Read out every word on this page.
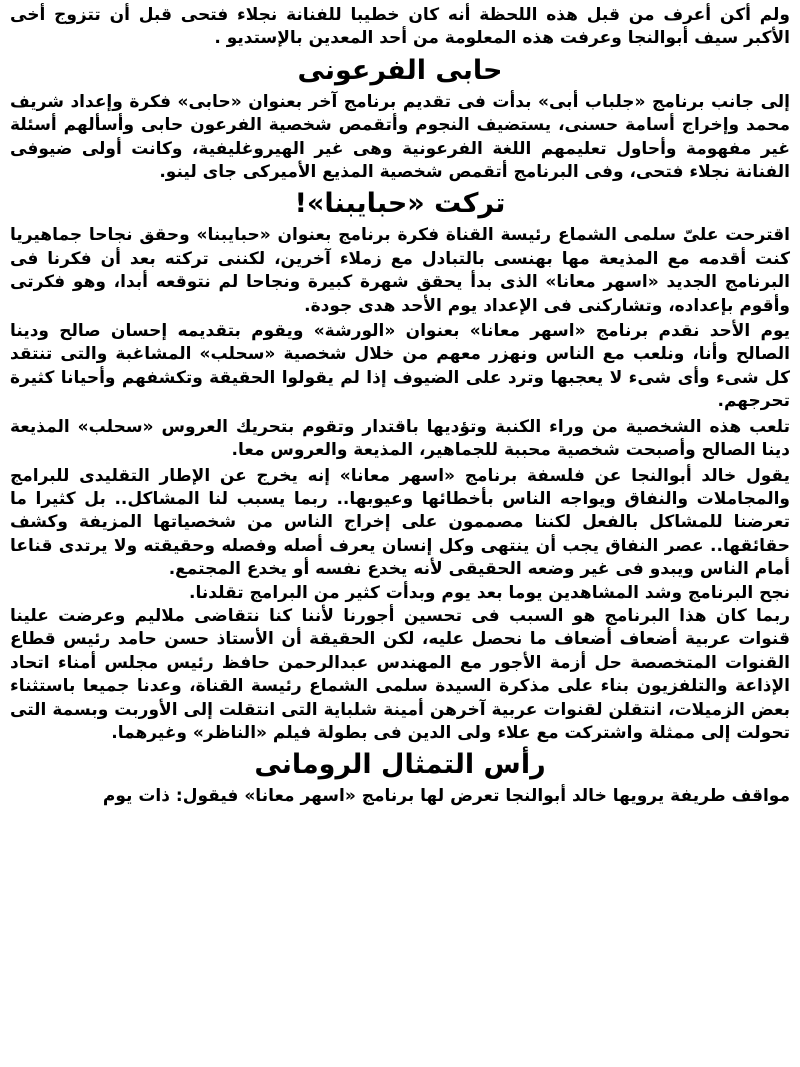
ولم أكن أعرف من قبل هذه اللحظة أنه كان خطيبا للفنانة نجلاء فتحى قبل أن تتزوج أخى الأكبر سيف أبوالنجا وعرفت هذه المعلومة من أحد المعدين بالإستديو .

حابى الفرعونى

إلى جانب برنامج «جلباب أبى» بدأت فى تقديم برنامج آخر بعنوان «حابى» فكرة وإعداد شريف محمد وإخراج أسامة حسنى، يستضيف النجوم وأتقمص شخصية الفرعون حابى وأسألهم أسئلة غير مفهومة وأحاول تعليمهم اللغة الفرعونية وهى غير الهيروغليفية، وكانت أولى ضيوفى الفنانة نجلاء فتحى، وفى البرنامج أتقمص شخصية المذيع الأميركى جاى لينو.

تركت «حبايبنا»!

اقترحت علىّ سلمى الشماع رئيسة القناة فكرة برنامج بعنوان «حبايبنا» وحقق نجاحا جماهيريا كنت أقدمه مع المذيعة مها بهنسى بالتبادل مع زملاء آخرين، لكننى تركته بعد أن فكرنا فى البرنامج الجديد «اسهر معانا» الذى بدأ يحقق شهرة كبيرة ونجاحا لم نتوقعه أبدا، وهو فكرتى وأقوم بإعداده، وتشاركنى فى الإعداد يوم الأحد هدى جودة.

يوم الأحد نقدم برنامج «اسهر معانا» بعنوان «الورشة» ويقوم بتقديمه إحسان صالح ودينا الصالح وأنا، ونلعب مع الناس ونهزر معهم من خلال شخصية «سحلب» المشاغبة والتى تنتقد كل شىء وأى شىء لا يعجبها وترد على الضيوف إذا لم يقولوا الحقيقة وتكشفهم وأحيانا كثيرة تحرجهم.

تلعب هذه الشخصية من وراء الكنبة وتؤديها باقتدار وتقوم بتحريك العروس «سحلب» المذيعة دينا الصالح وأصبحت شخصية محببة للجماهير، المذيعة والعروس معا.

يقول خالد أبوالنجا عن فلسفة برنامج «اسهر معانا» إنه يخرج عن الإطار التقليدى للبرامج والمجاملات والنفاق ويواجه الناس بأخطائها وعيوبها.. ربما يسبب لنا المشاكل.. بل كثيرا ما تعرضنا للمشاكل بالفعل لكننا مصممون على إخراج الناس من شخصياتها المزيفة وكشف حقائقها.. عصر النفاق يجب أن ينتهى وكل إنسان يعرف أصله وفصله وحقيقته ولا يرتدى قناعا أمام الناس ويبدو فى غير وضعه الحقيقى لأنه يخدع نفسه أو يخدع المجتمع.

نجح البرنامج وشد المشاهدين يوما بعد يوم وبدأت كثير من البرامج تقلدنا.

ربما كان هذا البرنامج هو السبب فى تحسين أجورنا لأننا كنا نتقاضى ملاليم وعرضت علينا قنوات عربية أضعاف أضعاف ما نحصل عليه، لكن الحقيقة أن الأستاذ حسن حامد رئيس قطاع القنوات المتخصصة حل أزمة الأجور مع المهندس عبدالرحمن حافظ رئيس مجلس أمناء اتحاد الإذاعة والتلفزيون بناء على مذكرة السيدة سلمى الشماع رئيسة القناة، وعدنا جميعا باستثناء بعض الزميلات، انتقلن لقنوات عربية آخرهن أمينة شلباية التى انتقلت إلى الأوربت وبسمة التى تحولت إلى ممثلة واشتركت مع علاء ولى الدين فى بطولة فيلم «الناظر» وغيرهما.

رأس التمثال الرومانى

مواقف طريفة يرويها خالد أبوالنجا تعرض لها برنامج «اسهر معانا» فيقول: ذات يوم
